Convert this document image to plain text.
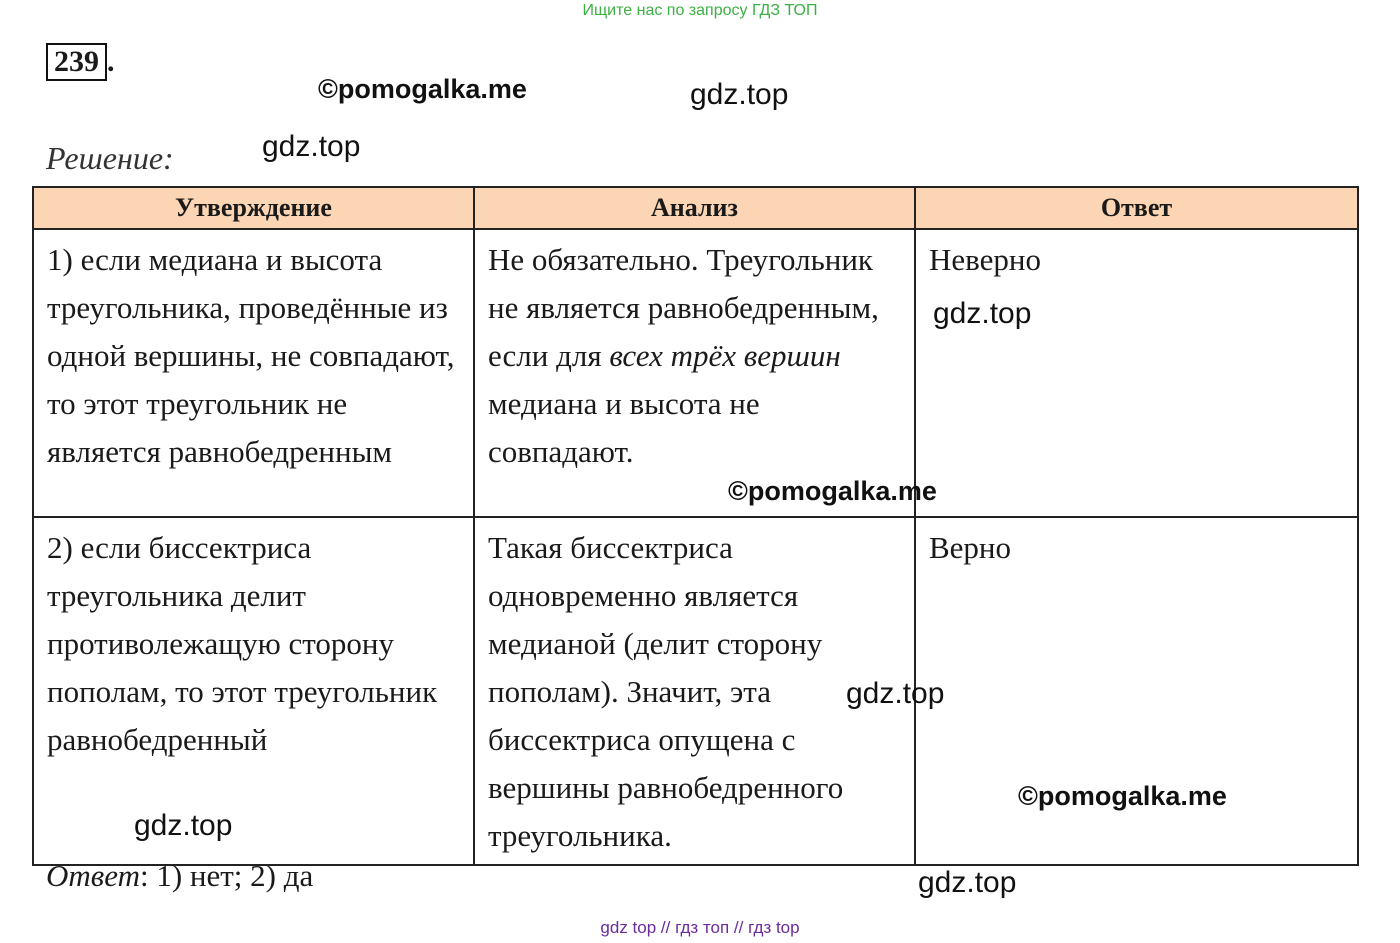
Ищите нас по запросу ГДЗ ТОП
239 .
Решение:
Утверждение	Анализ	Ответ
1) если медиана и высота треугольника, проведённые из одной вершины, не совпадают, то этот треугольник не является равнобедренным	Не обязательно. Треугольник не является равнобедренным, если для всех трёх вершин медиана и высота не совпадают.	Неверно
2) если биссектриса треугольника делит противолежащую сторону пополам, то этот треугольник равнобедренный	Такая биссектриса одновременно является медианой (делит сторону пополам). Значит, эта биссектриса опущена с вершины равнобедренного треугольника.	Верно
Ответ: 1) нет; 2) да
©pomogalka.me	gdz.top
gdz.top
gdz.top
©pomogalka.me
gdz.top
©pomogalka.me
gdz.top
gdz.top
gdz top // гдз топ // гдз top
